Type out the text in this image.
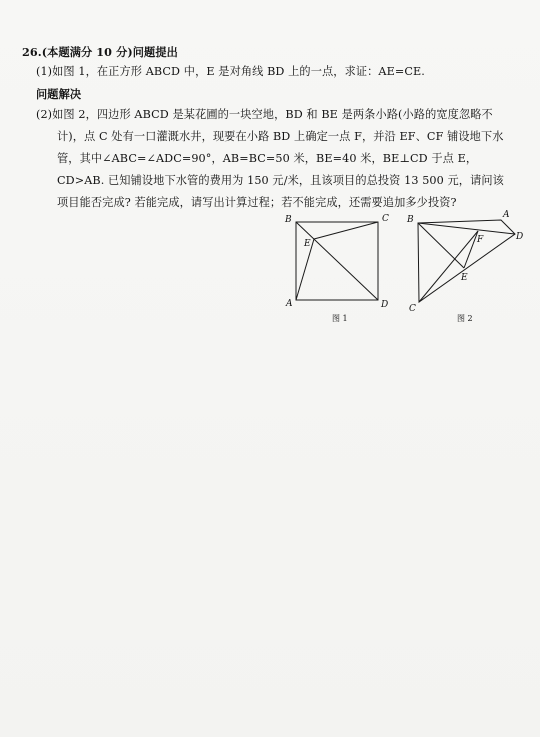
26.(本题满分 10 分)问题提出
(1)如图 1，在正方形 ABCD 中，E 是对角线 BD 上的一点，求证：AE=CE.
问题解决
(2)如图 2，四边形 ABCD 是某花圃的一块空地，BD 和 BE 是两条小路(小路的宽度忽略不
计)，点 C 处有一口灌溉水井，现要在小路 BD 上确定一点 F，并沿 EF、CF 铺设地下水
管，其中∠ABC=∠ADC=90°，AB=BC=50 米，BE=40 米，BE⊥CD 于点 E，
CD>AB. 已知铺设地下水管的费用为 150 元/米，且该项目的总投资 13 500 元，请问该
项目能否完成? 若能完成，请写出计算过程；若不能完成，还需要追加多少投资?
B	C
A	D
E
图 1
B	A
D
C
E
F
图 2
